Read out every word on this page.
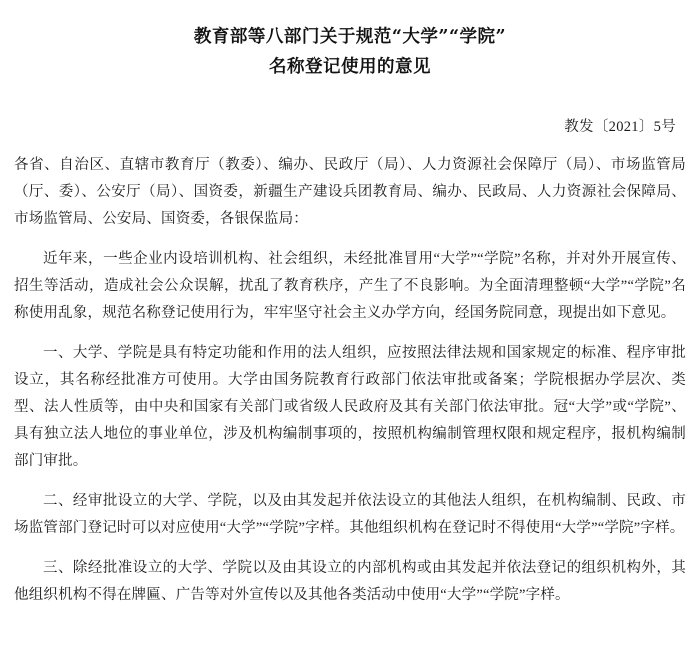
教育部等八部门关于规范“大学”“学院”
名称登记使用的意见
教发〔2021〕5号
各省、自治区、直辖市教育厅（教委）、编办、民政厅（局）、人力资源社会保障厅（局）、市场监管局（厅、委）、公安厅（局）、国资委，新疆生产建设兵团教育局、编办、民政局、人力资源社会保障局、市场监管局、公安局、国资委，各银保监局：
近年来，一些企业内设培训机构、社会组织，未经批准冒用“大学”“学院”名称，并对外开展宣传、招生等活动，造成社会公众误解，扰乱了教育秩序，产生了不良影响。为全面清理整顿“大学”“学院”名称使用乱象，规范名称登记使用行为，牢牢坚守社会主义办学方向，经国务院同意，现提出如下意见。
一、大学、学院是具有特定功能和作用的法人组织，应按照法律法规和国家规定的标准、程序审批设立，其名称经批准方可使用。大学由国务院教育行政部门依法审批或备案；学院根据办学层次、类型、法人性质等，由中央和国家有关部门或省级人民政府及其有关部门依法审批。冠“大学”或“学院”、具有独立法人地位的事业单位，涉及机构编制事项的，按照机构编制管理权限和规定程序，报机构编制部门审批。
二、经审批设立的大学、学院，以及由其发起并依法设立的其他法人组织，在机构编制、民政、市场监管部门登记时可以对应使用“大学”“学院”字样。其他组织机构在登记时不得使用“大学”“学院”字样。
三、除经批准设立的大学、学院以及由其设立的内部机构或由其发起并依法登记的组织机构外，其他组织机构不得在牌匾、广告等对外宣传以及其他各类活动中使用“大学”“学院”字样。
